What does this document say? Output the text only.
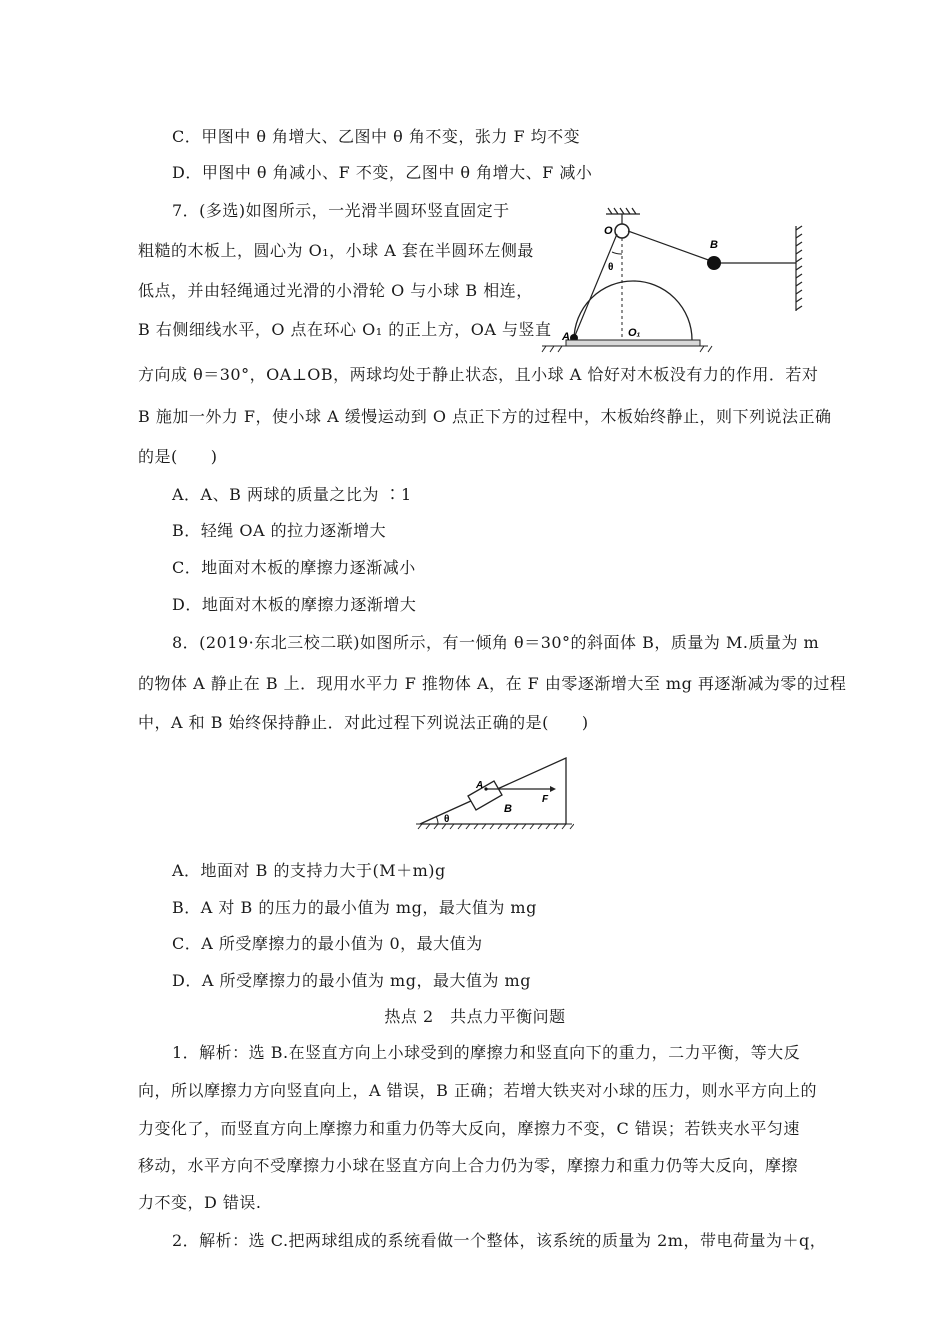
C．甲图中 θ 角增大、乙图中 θ 角不变，张力 F 均不变
D．甲图中 θ 角减小、F 不变，乙图中 θ 角增大、F 减小
7．(多选)如图所示，一光滑半圆环竖直固定于
粗糙的木板上，圆心为 O₁，小球 A 套在半圆环左侧最
低点，并由轻绳通过光滑的小滑轮 O 与小球 B 相连，
B 右侧细线水平，O 点在环心 O₁ 的正上方，OA 与竖直
方向成 θ＝30°，OA⊥OB，两球均处于静止状态，且小球 A 恰好对木板没有力的作用．若对
B 施加一外力 F，使小球 A 缓慢运动到 O 点正下方的过程中，木板始终静止，则下列说法正确
的是(　　)
O
B
A
θ
O₁
A．A、B 两球的质量之比为 ∶1
B．轻绳 OA 的拉力逐渐增大
C．地面对木板的摩擦力逐渐减小
D．地面对木板的摩擦力逐渐增大
8．(2019·东北三校二联)如图所示，有一倾角 θ＝30°的斜面体 B，质量为 M.质量为 m
的物体 A 静止在 B 上．现用水平力 F 推物体 A，在 F 由零逐渐增大至 mg 再逐渐减为零的过程
中，A 和 B 始终保持静止．对此过程下列说法正确的是(　　)
A
B
F
θ
A．地面对 B 的支持力大于(M＋m)g
B．A 对 B 的压力的最小值为 mg，最大值为 mg
C．A 所受摩擦力的最小值为 0，最大值为
D．A 所受摩擦力的最小值为 mg，最大值为 mg
热点 2　共点力平衡问题
1．解析：选 B.在竖直方向上小球受到的摩擦力和竖直向下的重力，二力平衡，等大反
向，所以摩擦力方向竖直向上，A 错误，B 正确；若增大铁夹对小球的压力，则水平方向上的
力变化了，而竖直方向上摩擦力和重力仍等大反向，摩擦力不变，C 错误；若铁夹水平匀速
移动，水平方向不受摩擦力小球在竖直方向上合力仍为零，摩擦力和重力仍等大反向，摩擦
力不变，D 错误.
2．解析：选 C.把两球组成的系统看做一个整体，该系统的质量为 2m，带电荷量为＋q，
